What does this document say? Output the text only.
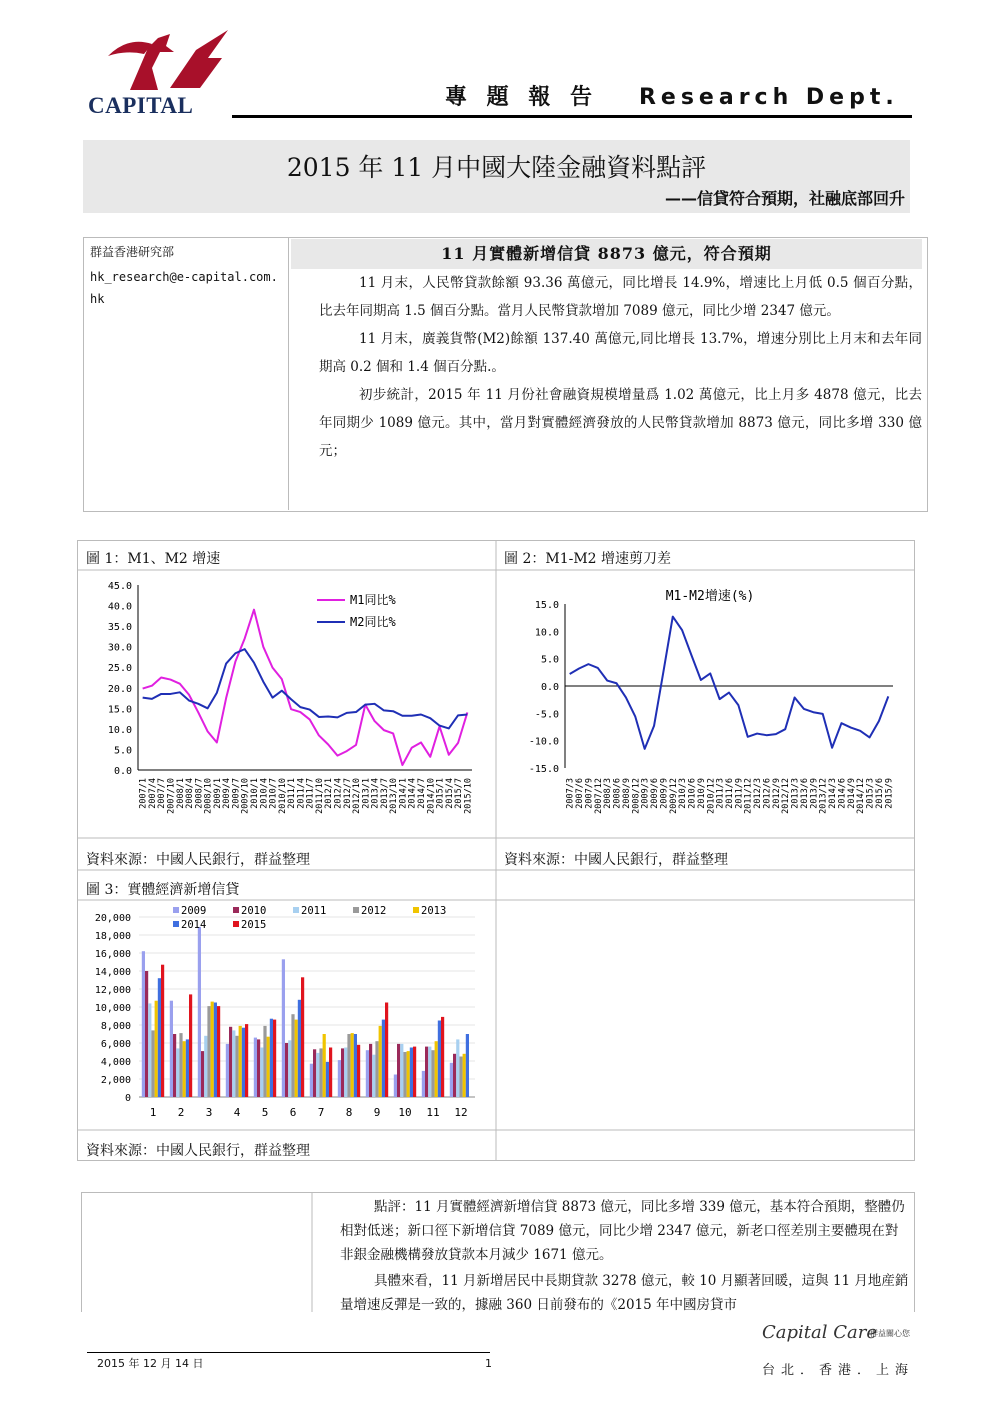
CAPITAL	專 題 報 告 Research Dept.
2015 年 11 月中國大陸金融資料點評
——信貸符合預期，社融底部回升
群益香港研究部
hk_research@e-capital.com.hk
11 月實體新增信貸 8873 億元，符合預期

11 月末，人民幣貸款餘額 93.36 萬億元，同比增長 14.9%，增速比上月低 0.5 個百分點，比去年同期高 1.5 個百分點。當月人民幣貸款增加 7089 億元，同比少增 2347 億元。

11 月末，廣義貨幣(M2)餘額 137.40 萬億元,同比增長 13.7%，增速分別比上月末和去年同期高 0.2 個和 1.4 個百分點.。

初步統計，2015 年 11 月份社會融資規模增量爲 1.02 萬億元，比上月多 4878 億元，比去年同期少 1089 億元。其中，當月對實體經濟發放的人民幣貸款增加 8873 億元，同比多增 330 億元；

圖 1：M1、M2 增速	圖 2：M1-M2 增速剪刀差
資料來源：中國人民銀行，群益整理	資料來源：中國人民銀行，群益整理
圖 3：實體經濟新增信貸
資料來源：中國人民銀行，群益整理
45.0
40.0
35.0
30.0
25.0
20.0
15.0
10.0
5.0
0.0
2007/1 2007/4 2007/7 2007/10 2008/1 2008/4 2008/7 2008/10 2009/1 2009/4 2009/7 2009/10 2010/1 2010/4 2010/7 2010/10 2011/1 2011/4 2011/7 2011/10 2012/1 2012/4 2012/7 2012/10 2013/1 2013/4 2013/7 2013/10 2014/1 2014/4 2014/7 2014/10 2015/1 2015/4 2015/7 2015/10
M1同比%
M2同比%
15.0
10.0
5.0
0.0
-5.0
-10.0
-15.0
2007/3 2007/6 2007/9 2007/12 2008/3 2008/6 2008/9 2008/12 2009/3 2009/6 2009/9 2009/12 2010/3 2010/6 2010/9 2010/12 2011/3 2011/6 2011/9 2011/12 2012/3 2012/6 2012/9 2012/12 2013/3 2013/6 2013/9 2013/12 2014/3 2014/6 2014/9 2014/12 2015/3 2015/6 2015/9
M1-M2增速(%)
20,000
18,000
16,000
14,000
12,000
10,000
8,000
6,000
4,000
2,000
0
1 2 3 4 5 6 7 8 9 10 11 12
2009	2010	2011	2012	2013
2014	2015
點評：11 月實體經濟新增信貸 8873 億元，同比多增 339 億元，基本符合預期，整體仍相對低迷；新口徑下新增信貸 7089 億元，同比少增 2347 億元，新老口徑差別主要體現在對非銀金融機構發放貸款本月減少 1671 億元。
具體來看，11 月新增居民中長期貸款 3278 億元，較 10 月顯著回暖，這與 11 月地産銷量增速反彈是一致的，據融 360 日前發布的《2015 年中國房貸市
Capital Care
群益關心您
2015 年 12 月 14 日	1	台北．香港．上海
